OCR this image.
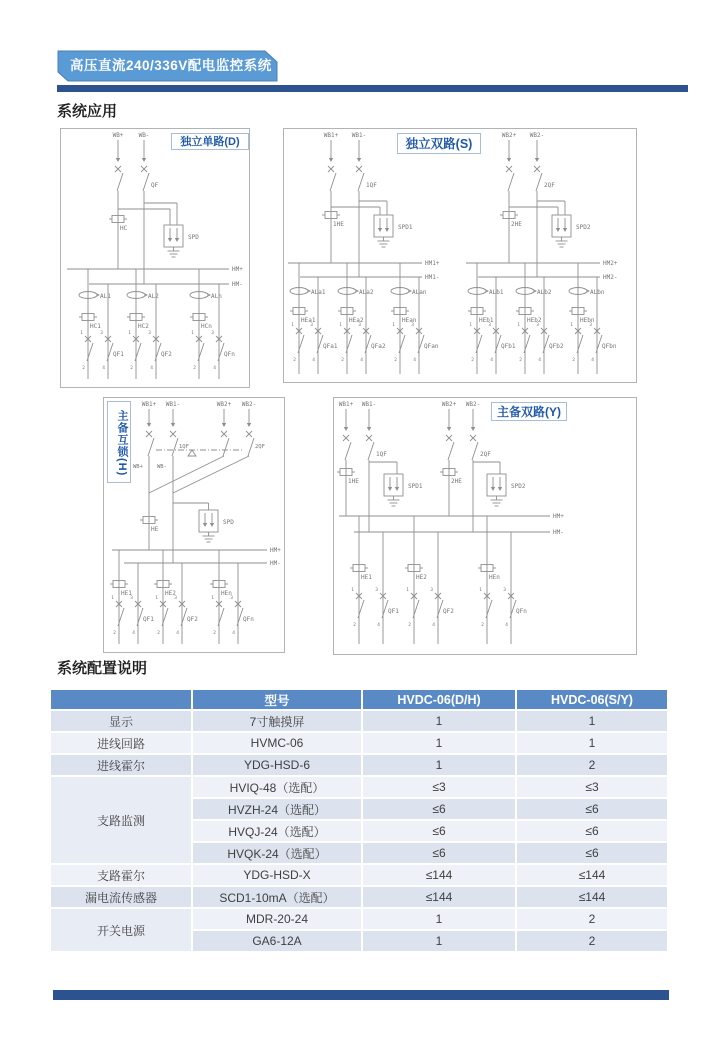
高压直流240/336V配电监控系统
系统应用
WB+	WB-
QF
HC
SPD
HM+
HM-
AL1
HC1
1	3
QF1
2	4
AL2
HC2
1	3
QF2
2	4
ALn
HCn
1	3
QFn
2	4
独立单路(D)
WB1+ WB1-
1QF
1HE	SPD1
HM1+
HM1-
ALa1
HEa1
1	3
QFa1
2	4
ALa2
HEa2
1	3
QFa2
2	4
ALan
HEan
1	3
QFan
2	4
WB2+ WB2-
2QF
2HE	SPD2
HM2+
HM2-
ALb1
HEb1
1	3
QFb1
2	4
ALb2
HEb2
1	3
QFb2
2	4
ALbn
HEbn
1	3
QFbn
2	4
独立双路(S)
WB1+ WB1-
1QF
WB2+ WB2-
2QF
WB+	WB-
HE
SPD
HM+
HM-
HE1
1	3
QF1
2	4
HE2
1	3
QF2
2	4
HEn
1	3
QFn
2	4
主备互锁(H)
WB1+ WB1-
1QF
1HE
SPD1
WB2+ WB2-
2QF
2HE
SPD2
HM+
HM-
HE1
1	3
QF1
2	4
HE2
1	3
QF2
2	4
HEn
1	3
QFn
2	4
主备双路(Y)
系统配置说明
	型号	HVDC-06(D/H)	HVDC-06(S/Y)
显示	7寸触摸屏	1	1
进线回路	HVMC-06	1	1
进线霍尔	YDG-HSD-6	1	2
支路监测	HVIQ-48（选配）	≤3	≤3
	HVZH-24（选配）	≤6	≤6
	HVQJ-24（选配）	≤6	≤6
	HVQK-24（选配）	≤6	≤6
支路霍尔	YDG-HSD-X	≤144	≤144
漏电流传感器	SCD1-10mA（选配）	≤144	≤144
开关电源	MDR-20-24	1	2
	GA6-12A	1	2
